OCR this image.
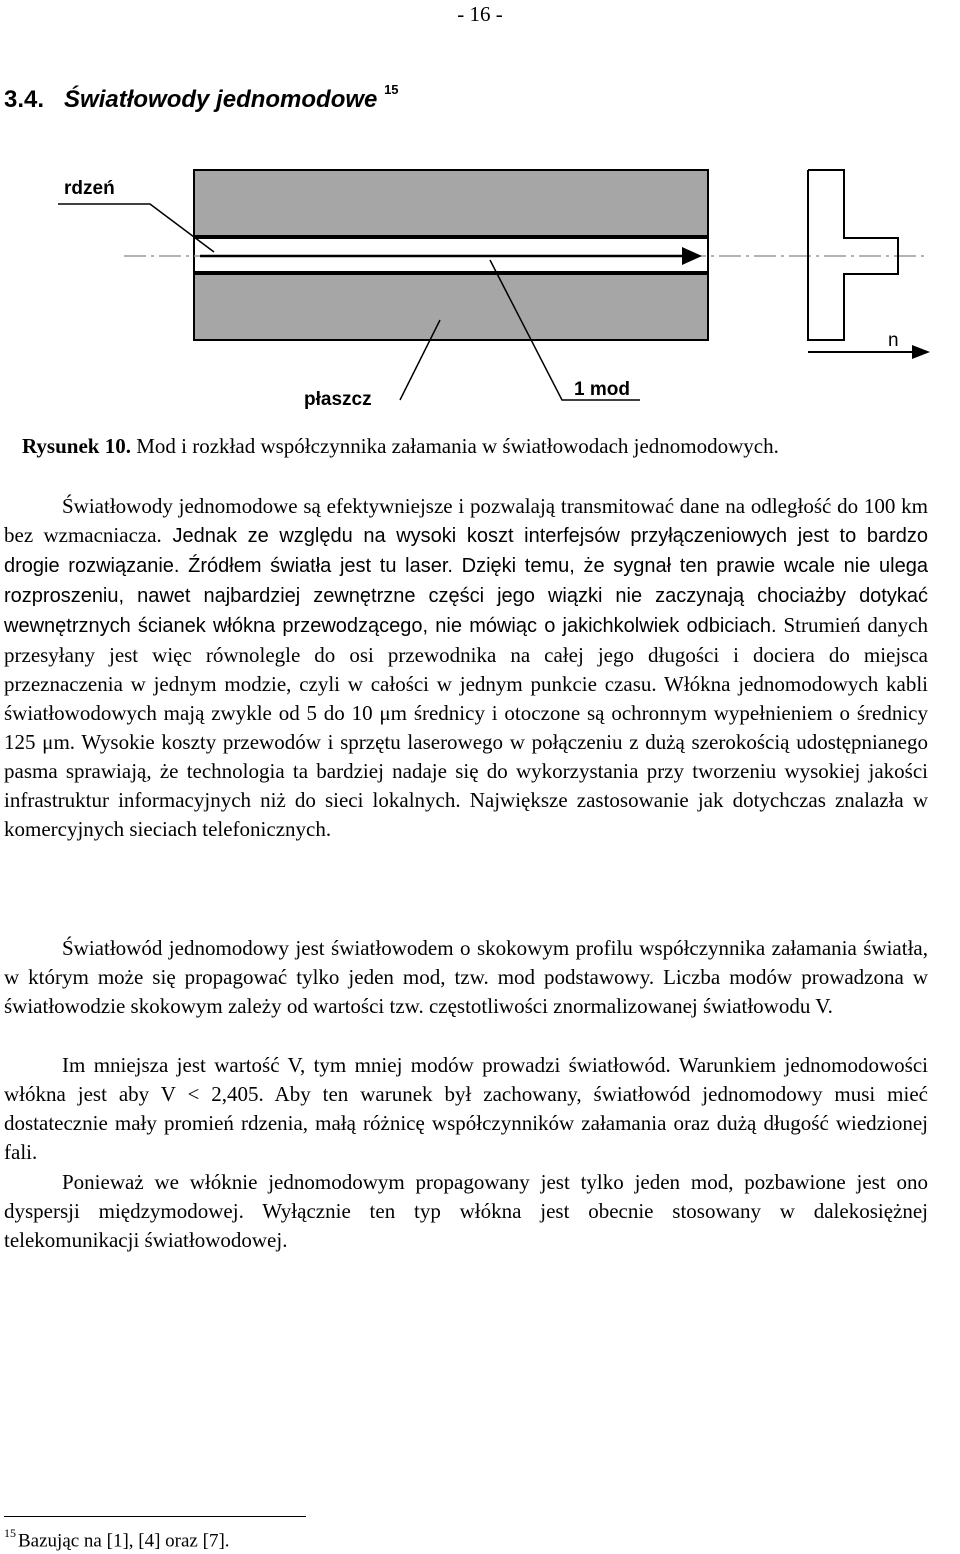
- 16 -
3.4. Światłowody jednomodowe $^{15}$
rdzeń
płaszcz	1 mod
n
Rysunek 10. Mod i rozkład współczynnika załamania w światłowodach jednomodowych.

Światłowody jednomodowe są efektywniejsze i pozwalają transmitować dane na odległość do 100 km bez wzmacniacza. Jednak ze względu na wysoki koszt interfejsów przyłączeniowych jest to bardzo drogie rozwiązanie. Źródłem światła jest tu laser. Dzięki temu, że sygnał ten prawie wcale nie ulega rozproszeniu, nawet najbardziej zewnętrzne części jego wiązki nie zaczynają chociażby dotykać wewnętrznych ścianek włókna przewodzącego, nie mówiąc o jakichkolwiek odbiciach. Strumień danych przesyłany jest więc równolegle do osi przewodnika na całej jego długości i dociera do miejsca przeznaczenia w jednym modzie, czyli w całości w jednym punkcie czasu. Włókna jednomodowych kabli światłowodowych mają zwykle od 5 do 10 μm średnicy i otoczone są ochronnym wypełnieniem o średnicy 125 μm. Wysokie koszty przewodów i sprzętu laserowego w połączeniu z dużą szerokością udostępnianego pasma sprawiają, że technologia ta bardziej nadaje się do wykorzystania przy tworzeniu wysokiej jakości infrastruktur informacyjnych niż do sieci lokalnych. Największe zastosowanie jak dotychczas znalazła w komercyjnych sieciach telefonicznych.

Światłowód jednomodowy jest światłowodem o skokowym profilu współczynnika załamania światła, w którym może się propagować tylko jeden mod, tzw. mod podstawowy. Liczba modów prowadzona w światłowodzie skokowym zależy od wartości tzw. częstotliwości znormalizowanej światłowodu V.

Im mniejsza jest wartość V, tym mniej modów prowadzi światłowód. Warunkiem jednomodowości włókna jest aby V < 2,405. Aby ten warunek był zachowany, światłowód jednomodowy musi mieć dostatecznie mały promień rdzenia, małą różnicę współczynników załamania oraz dużą długość wiedzionej fali.

Ponieważ we włóknie jednomodowym propagowany jest tylko jeden mod, pozbawione jest ono dyspersji międzymodowej. Wyłącznie ten typ włókna jest obecnie stosowany w dalekosiężnej telekomunikacji światłowodowej.

$^{15}$ Bazując na [1], [4] oraz [7].
